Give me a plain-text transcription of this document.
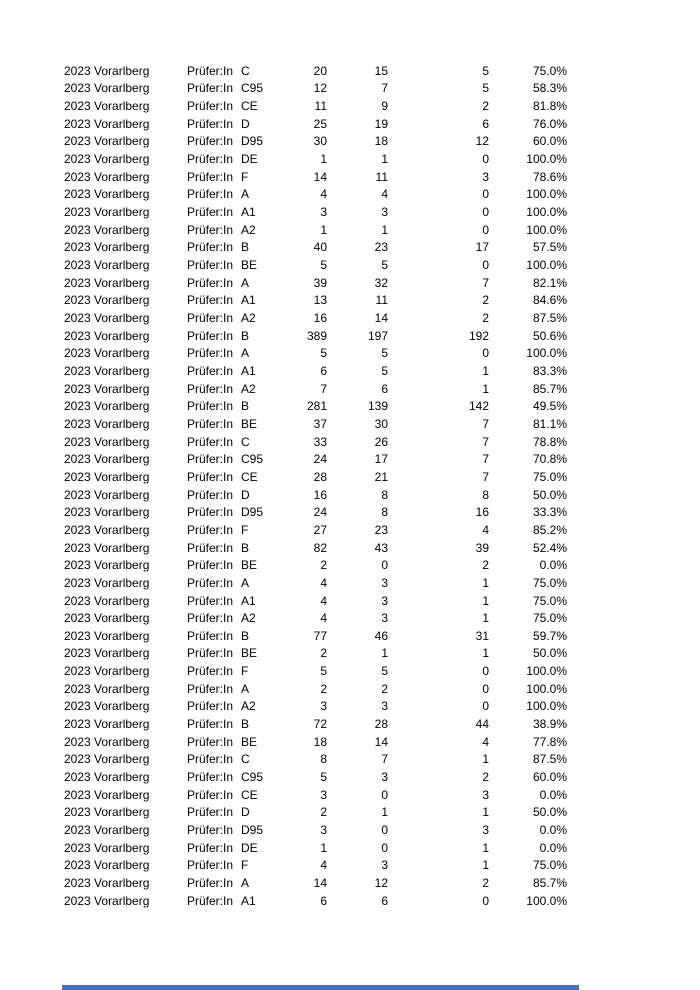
2023 Vorarlberg	Prüfer:In C	20	15	5	75.0%
2023 Vorarlberg	Prüfer:In C95	12	7	5	58.3%
2023 Vorarlberg	Prüfer:In CE	11	9	2	81.8%
2023 Vorarlberg	Prüfer:In D	25	19	6	76.0%
2023 Vorarlberg	Prüfer:In D95	30	18	12	60.0%
2023 Vorarlberg	Prüfer:In DE	1	1	0	100.0%
2023 Vorarlberg	Prüfer:In F	14	11	3	78.6%
2023 Vorarlberg	Prüfer:In A	4	4	0	100.0%
2023 Vorarlberg	Prüfer:In A1	3	3	0	100.0%
2023 Vorarlberg	Prüfer:In A2	1	1	0	100.0%
2023 Vorarlberg	Prüfer:In B	40	23	17	57.5%
2023 Vorarlberg	Prüfer:In BE	5	5	0	100.0%
2023 Vorarlberg	Prüfer:In A	39	32	7	82.1%
2023 Vorarlberg	Prüfer:In A1	13	11	2	84.6%
2023 Vorarlberg	Prüfer:In A2	16	14	2	87.5%
2023 Vorarlberg	Prüfer:In B	389	197	192	50.6%
2023 Vorarlberg	Prüfer:In A	5	5	0	100.0%
2023 Vorarlberg	Prüfer:In A1	6	5	1	83.3%
2023 Vorarlberg	Prüfer:In A2	7	6	1	85.7%
2023 Vorarlberg	Prüfer:In B	281	139	142	49.5%
2023 Vorarlberg	Prüfer:In BE	37	30	7	81.1%
2023 Vorarlberg	Prüfer:In C	33	26	7	78.8%
2023 Vorarlberg	Prüfer:In C95	24	17	7	70.8%
2023 Vorarlberg	Prüfer:In CE	28	21	7	75.0%
2023 Vorarlberg	Prüfer:In D	16	8	8	50.0%
2023 Vorarlberg	Prüfer:In D95	24	8	16	33.3%
2023 Vorarlberg	Prüfer:In F	27	23	4	85.2%
2023 Vorarlberg	Prüfer:In B	82	43	39	52.4%
2023 Vorarlberg	Prüfer:In BE	2	0	2	0.0%
2023 Vorarlberg	Prüfer:In A	4	3	1	75.0%
2023 Vorarlberg	Prüfer:In A1	4	3	1	75.0%
2023 Vorarlberg	Prüfer:In A2	4	3	1	75.0%
2023 Vorarlberg	Prüfer:In B	77	46	31	59.7%
2023 Vorarlberg	Prüfer:In BE	2	1	1	50.0%
2023 Vorarlberg	Prüfer:In F	5	5	0	100.0%
2023 Vorarlberg	Prüfer:In A	2	2	0	100.0%
2023 Vorarlberg	Prüfer:In A2	3	3	0	100.0%
2023 Vorarlberg	Prüfer:In B	72	28	44	38.9%
2023 Vorarlberg	Prüfer:In BE	18	14	4	77.8%
2023 Vorarlberg	Prüfer:In C	8	7	1	87.5%
2023 Vorarlberg	Prüfer:In C95	5	3	2	60.0%
2023 Vorarlberg	Prüfer:In CE	3	0	3	0.0%
2023 Vorarlberg	Prüfer:In D	2	1	1	50.0%
2023 Vorarlberg	Prüfer:In D95	3	0	3	0.0%
2023 Vorarlberg	Prüfer:In DE	1	0	1	0.0%
2023 Vorarlberg	Prüfer:In F	4	3	1	75.0%
2023 Vorarlberg	Prüfer:In A	14	12	2	85.7%
2023 Vorarlberg	Prüfer:In A1	6	6	0	100.0%
